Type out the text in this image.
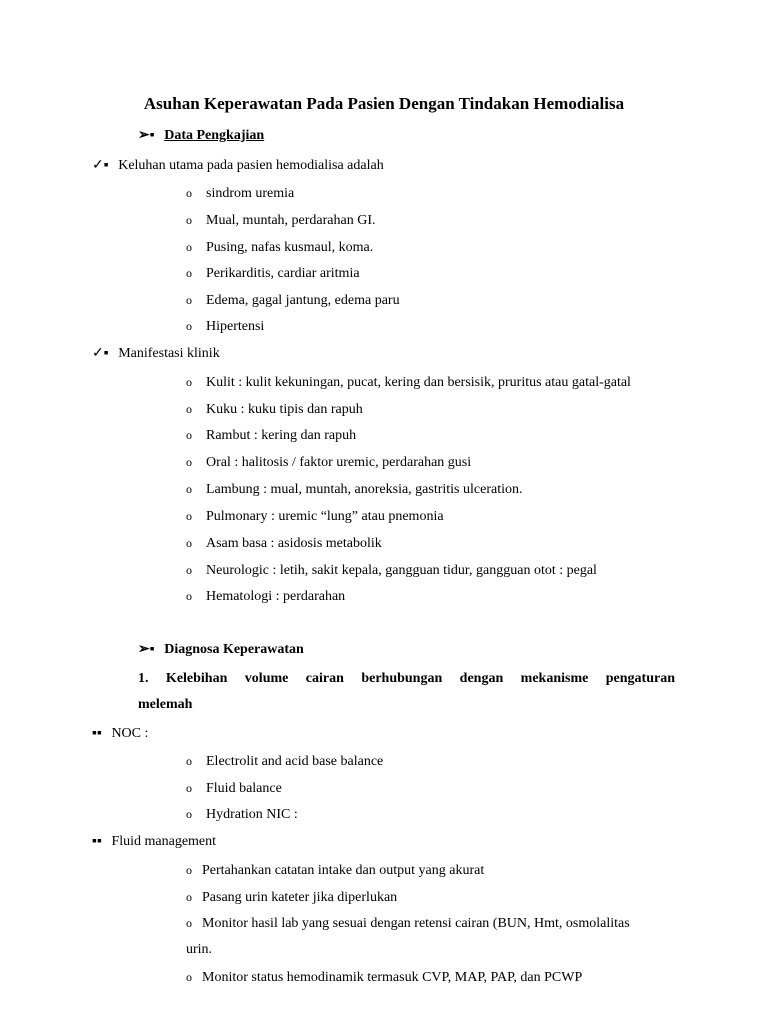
Asuhan Keperawatan Pada Pasien Dengan Tindakan Hemodialisa
➢▪ Data Pengkajian
✓▪ Keluhan utama pada pasien hemodialisa adalah
o sindrom uremia
o Mual, muntah, perdarahan GI.
o Pusing, nafas kusmaul, koma.
o Perikarditis, cardiar aritmia
o Edema, gagal jantung, edema paru
o Hipertensi
✓▪ Manifestasi klinik
o Kulit : kulit kekuningan, pucat, kering dan bersisik, pruritus atau gatal-gatal
o Kuku : kuku tipis dan rapuh
o Rambut : kering dan rapuh
o Oral : halitosis / faktor uremic, perdarahan gusi
o Lambung : mual, muntah, anoreksia, gastritis ulceration.
o Pulmonary : uremic “lung” atau pnemonia
o Asam basa : asidosis metabolik
o Neurologic : letih, sakit kepala, gangguan tidur, gangguan otot : pegal
o Hematologi : perdarahan
➢▪ Diagnosa Keperawatan
1. Kelebihan volume cairan berhubungan dengan mekanisme pengaturan
melemah
▪▪ NOC :
o Electrolit and acid base balance
o Fluid balance
o Hydration NIC :
▪▪ Fluid management
o Pertahankan catatan intake dan output yang akurat
o Pasang urin kateter jika diperlukan
o Monitor hasil lab yang sesuai dengan retensi cairan (BUN, Hmt, osmolalitas
urin.
o Monitor status hemodinamik termasuk CVP, MAP, PAP, dan PCWP
